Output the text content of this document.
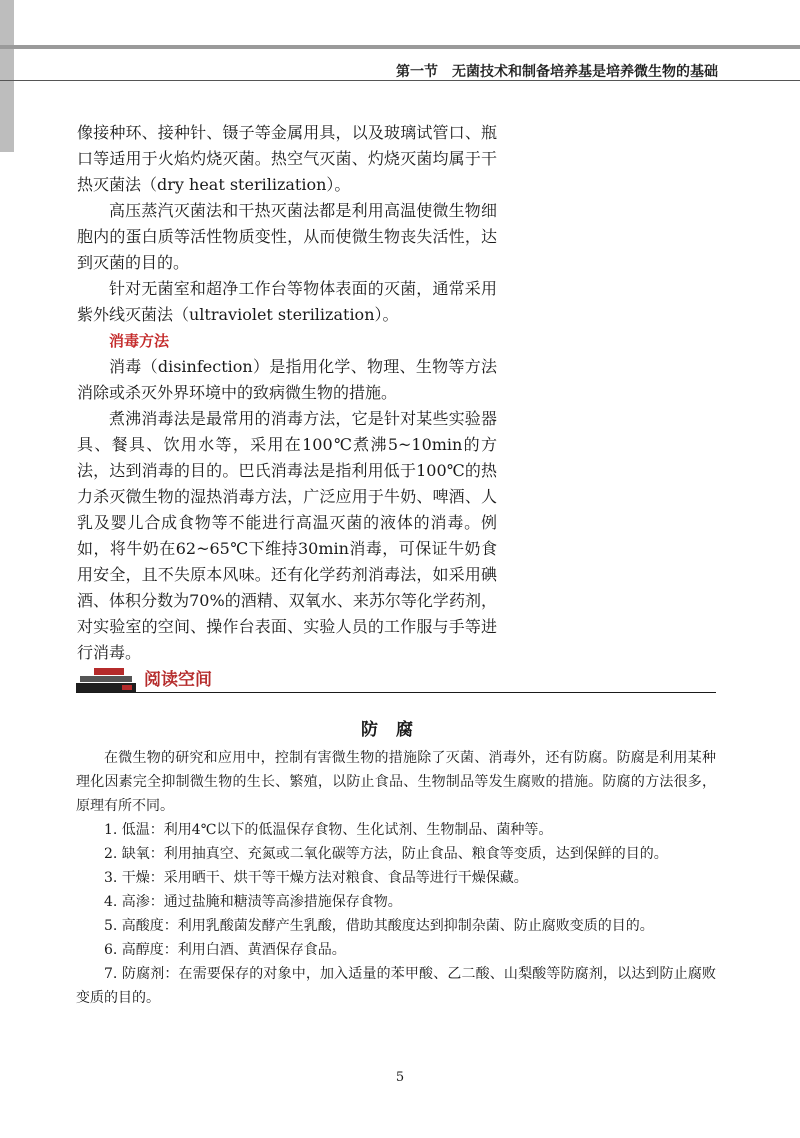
第一节　无菌技术和制备培养基是培养微生物的基础

像接种环、接种针、镊子等金属用具，以及玻璃试管口、瓶口等适用于火焰灼烧灭菌。热空气灭菌、灼烧灭菌均属于干热灭菌法（dry heat sterilization）。

高压蒸汽灭菌法和干热灭菌法都是利用高温使微生物细胞内的蛋白质等活性物质变性，从而使微生物丧失活性，达到灭菌的目的。

针对无菌室和超净工作台等物体表面的灭菌，通常采用紫外线灭菌法（ultraviolet sterilization）。

消毒方法

消毒（disinfection）是指用化学、物理、生物等方法消除或杀灭外界环境中的致病微生物的措施。

煮沸消毒法是最常用的消毒方法，它是针对某些实验器具、餐具、饮用水等，采用在100℃煮沸5~10min的方法，达到消毒的目的。巴氏消毒法是指利用低于100℃的热力杀灭微生物的湿热消毒方法，广泛应用于牛奶、啤酒、人乳及婴儿合成食物等不能进行高温灭菌的液体的消毒。例如，将牛奶在62~65℃下维持30min消毒，可保证牛奶食用安全，且不失原本风味。还有化学药剂消毒法，如采用碘酒、体积分数为70%的酒精、双氧水、来苏尔等化学药剂，对实验室的空间、操作台表面、实验人员的工作服与手等进行消毒。

阅读空间
防腐

在微生物的研究和应用中，控制有害微生物的措施除了灭菌、消毒外，还有防腐。防腐是利用某种理化因素完全抑制微生物的生长、繁殖，以防止食品、生物制品等发生腐败的措施。防腐的方法很多，原理有所不同。

1. 低温：利用4℃以下的低温保存食物、生化试剂、生物制品、菌种等。

2. 缺氧：利用抽真空、充氮或二氧化碳等方法，防止食品、粮食等变质，达到保鲜的目的。

3. 干燥：采用晒干、烘干等干燥方法对粮食、食品等进行干燥保藏。

4. 高渗：通过盐腌和糖渍等高渗措施保存食物。

5. 高酸度：利用乳酸菌发酵产生乳酸，借助其酸度达到抑制杂菌、防止腐败变质的目的。

6. 高醇度：利用白酒、黄酒保存食品。

7. 防腐剂：在需要保存的对象中，加入适量的苯甲酸、乙二酸、山梨酸等防腐剂，以达到防止腐败变质的目的。

5
